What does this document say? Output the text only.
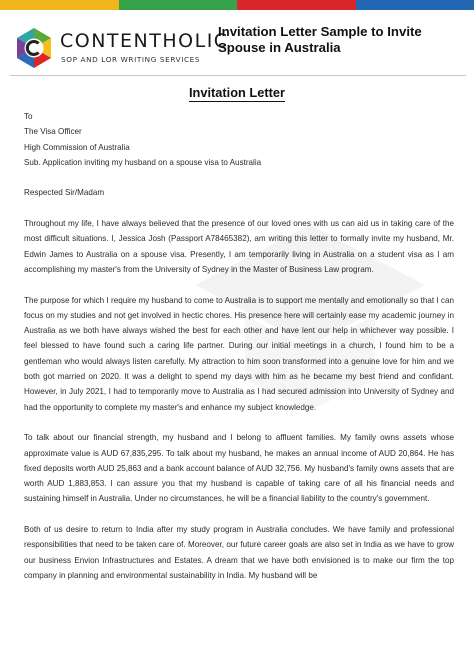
CONTENTHOLIC
SOP AND LOR WRITING SERVICES
Invitation Letter Sample to Invite Spouse in Australia
Invitation Letter

To

The Visa Officer

High Commission of Australia

Sub. Application inviting my husband on a spouse visa to Australia

Respected Sir/Madam

Throughout my life, I have always believed that the presence of our loved ones with us can aid us in taking care of the most difficult situations. I, Jessica Josh (Passport A78465382), am writing this letter to formally invite my husband, Mr. Edwin James to Australia on a spouse visa. Presently, I am temporarily living in Australia on a student visa as I am accomplishing my master's from the University of Sydney in the Master of Business Law program.

The purpose for which I require my husband to come to Australia is to support me mentally and emotionally so that I can focus on my studies and not get involved in hectic chores. His presence here will certainly ease my academic journey in Australia as we both have always wished the best for each other and have lent our help in whichever way possible. I feel blessed to have found such a caring life partner. During our initial meetings in a church, I found him to be a gentleman who would always listen carefully. My attraction to him soon transformed into a genuine love for him and we both got married on 2020. It was a delight to spend my days with him as he became my best friend and confidant. However, in July 2021, I had to temporarily move to Australia as I had secured admission into University of Sydney and had the opportunity to complete my master's and enhance my subject knowledge.

To talk about our financial strength, my husband and I belong to affluent families. My family owns assets whose approximate value is AUD 67,835,295. To talk about my husband, he makes an annual income of AUD 20,864. He has fixed deposits worth AUD 25,863 and a bank account balance of AUD 32,756. My husband's family owns assets that are worth AUD 1,883,853. I can assure you that my husband is capable of taking care of all his financial needs and sustaining himself in Australia. Under no circumstances, he will be a financial liability to the country's government.

Both of us desire to return to India after my study program in Australia concludes. We have family and professional responsibilities that need to be taken care of. Moreover, our future career goals are also set in India as we have to grow our business Envion Infrastructures and Estates. A dream that we have both envisioned is to make our firm the top company in planning and environmental sustainability in India. My husband will be
